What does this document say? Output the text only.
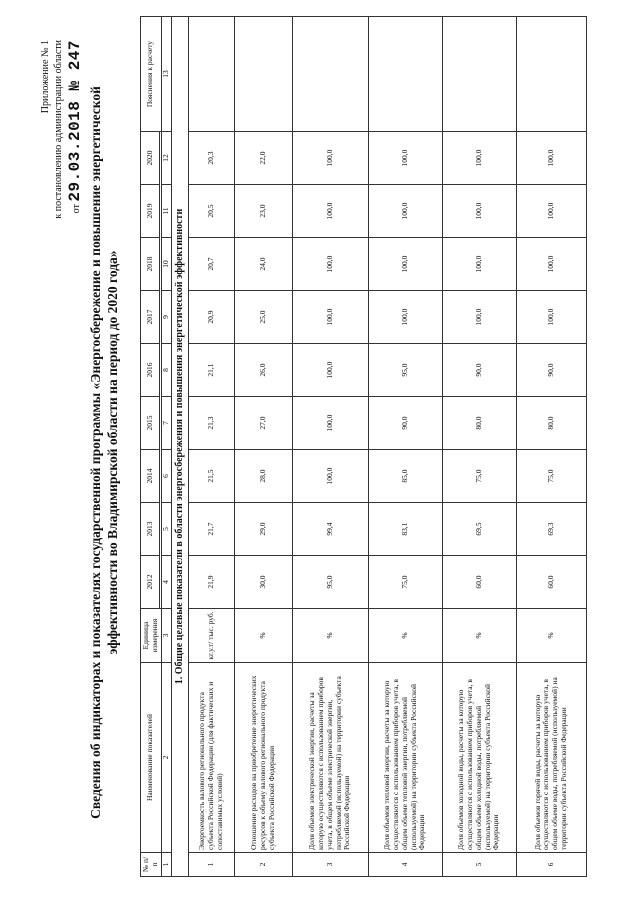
Приложение № 1 к постановлению администрации области от 29.03.2018 № 247 Сведения об индикаторах и показателях государственной программы «Энергосбережение и повышение энергетической эффективности во Владимирской области на период до 2020 года»
№ п/п	Наименование показателей	Единица измерения	2012	2013	2014	2015	2016	2017	2018	2019	2020	Пояснения к расчету

1	2	3	4	5	6	7	8	9	10	11	12	13
1. Общие целевые показатели в области энергосбережения и повышения энергетической эффективности												
1	Энергоемкость валового регионального продукта субъекта Российской Федерации (для фактических и сопоставимых условий)	кг.у.т/ тыс. руб.	21,9	21,7	21,5	21,3	21,1	20,9	20,7	20,5	20,3	
2	Отношение расходов на приобретение энергетических ресурсов к объему валового регионального продукта субъекта Российской Федерации	%	30,0	29,0	28,0	27,0	26,0	25,0	24,0	23,0	22,0	
3	Доля объемов электрической энергии, расчеты за которую осуществляются с использованием приборов учета, в общем объеме электрической энергии, потребляемой (используемой) на территории субъекта Российской Федерации	%	95,0	99,4	100,0	100,0	100,0	100,0	100,0	100,0	100,0	
4	Доля объемов тепловой энергии, расчеты за которую осуществляются с использованием приборов учета, в общем объеме тепловой энергии, потребляемой (используемой) на территории субъекта Российской Федерации	%	75,0	83,1	85,0	90,0	95,0	100,0	100,0	100,0	100,0	
5	Доля объемов холодной воды, расчеты за которую осуществляются с использованием приборов учета, в общем объеме холодной воды, потребляемой (используемой) на территории субъекта Российской Федерации	%	60,0	69,5	75,0	80,0	90,0	100,0	100,0	100,0	100,0	
6	Доля объемов горячей воды, расчеты за которую осуществляются с использованием приборов учета, в общем объеме воды, потребляемой (используемой) на территории субъекта Российской Федерации	%	60,0	69,3	75,0	80,0	90,0	100,0	100,0	100,0	100,0	
